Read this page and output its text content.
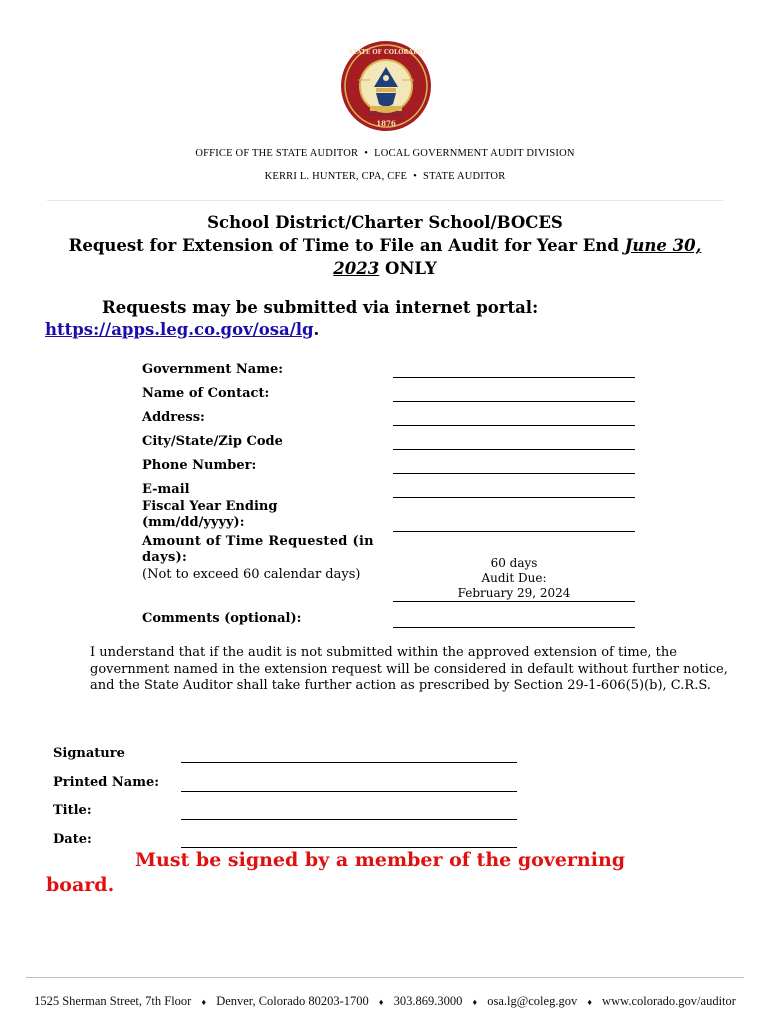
1876
STATE OF COLORADO
NIL SINE NUMINE
OFFICE OF THE STATE AUDITOR • LOCAL GOVERNMENT AUDIT DIVISION
KERRI L. HUNTER, CPA, CFE • STATE AUDITOR
School District/Charter School/BOCES
Request for Extension of Time to File an Audit for Year End June 30,
2023 ONLY
Requests may be submitted via internet portal:
https://apps.leg.co.gov/osa/lg.
Government Name:
Name of Contact:
Address:
City/State/Zip Code
Phone Number:
E-mail
Fiscal Year Ending
(mm/dd/yyyy):
Amount of Time Requested (in
days):
(Not to exceed 60 calendar days)
60 days
Audit Due:
February 29, 2024
Comments (optional):
I understand that if the audit is not submitted within the approved extension of time, the government named in the extension request will be considered in default without further notice, and the State Auditor shall take further action as prescribed by Section 29-1-606(5)(b), C.R.S.
Signature
Printed Name:
Title:
Date:
Must be signed by a member of the governing
board.
1525 Sherman Street, 7th Floor ♦ Denver, Colorado 80203-1700 ♦ 303.869.3000 ♦ osa.lg@coleg.gov ♦ www.colorado.gov/auditor
